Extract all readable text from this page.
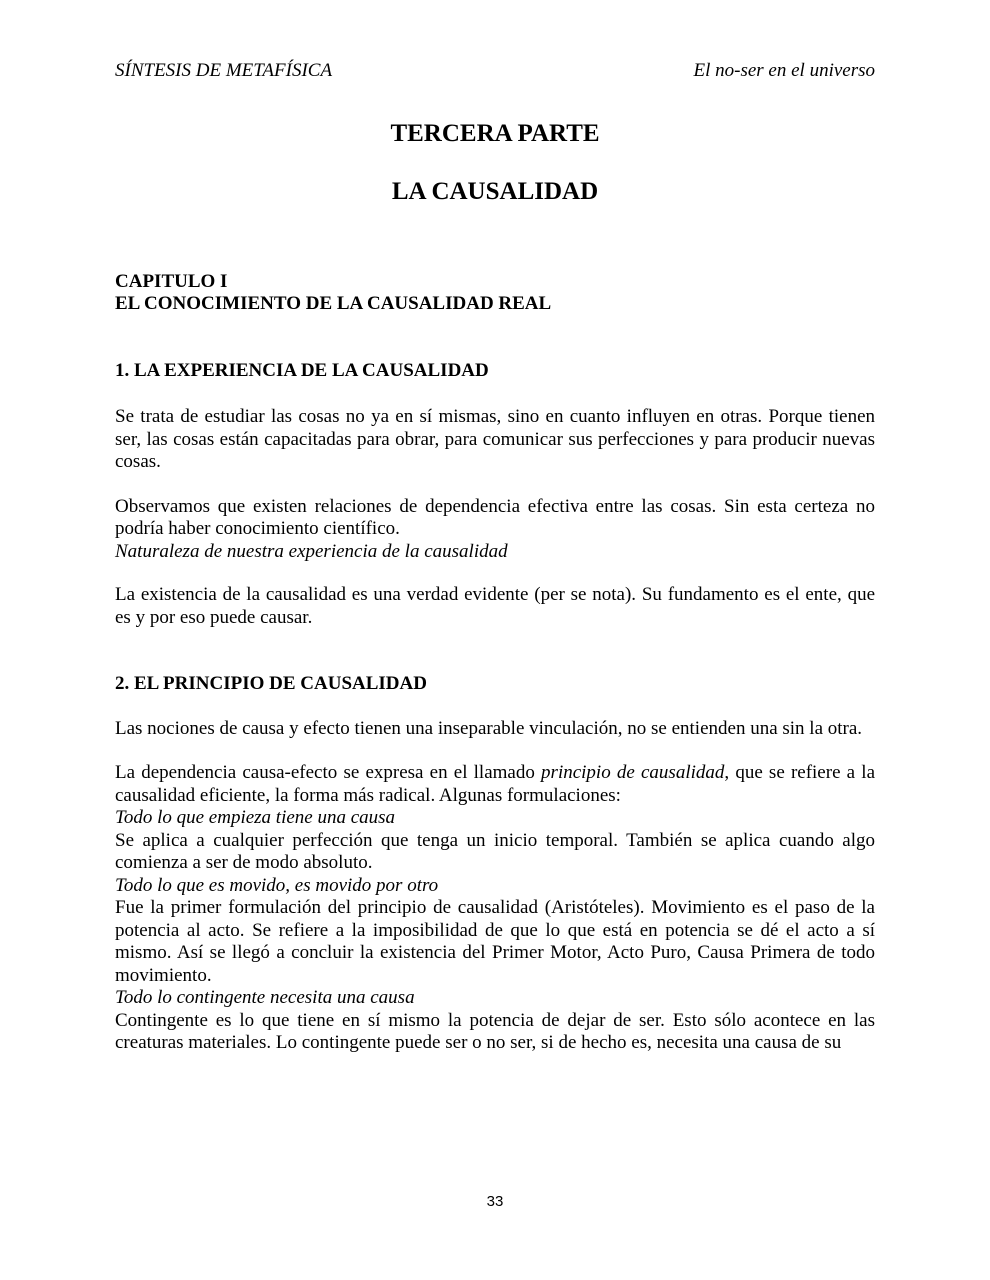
SÍNTESIS DE METAFÍSICA	El no-ser en el universo
TERCERA PARTE
LA CAUSALIDAD
CAPITULO I
EL CONOCIMIENTO DE LA CAUSALIDAD REAL
1. LA EXPERIENCIA DE LA CAUSALIDAD

Se trata de estudiar las cosas no ya en sí mismas, sino en cuanto influyen en otras. Porque tienen ser, las cosas están capacitadas para obrar, para comunicar sus perfecciones y para producir nuevas cosas.

Observamos que existen relaciones de dependencia efectiva entre las cosas. Sin esta certeza no podría haber conocimiento científico.

Naturaleza de nuestra experiencia de la causalidad

La existencia de la causalidad es una verdad evidente (per se nota). Su fundamento es el ente, que es y por eso puede causar.

2. EL PRINCIPIO DE CAUSALIDAD

Las nociones de causa y efecto tienen una inseparable vinculación, no se entienden una sin la otra.

La dependencia causa-efecto se expresa en el llamado principio de causalidad, que se refiere a la causalidad eficiente, la forma más radical. Algunas formulaciones:

Todo lo que empieza tiene una causa

Se aplica a cualquier perfección que tenga un inicio temporal. También se aplica cuando algo comienza a ser de modo absoluto.

Todo lo que es movido, es movido por otro

Fue la primer formulación del principio de causalidad (Aristóteles). Movimiento es el paso de la potencia al acto. Se refiere a la imposibilidad de que lo que está en potencia se dé el acto a sí mismo. Así se llegó a concluir la existencia del Primer Motor, Acto Puro, Causa Primera de todo movimiento.

Todo lo contingente necesita una causa

Contingente es lo que tiene en sí mismo la potencia de dejar de ser. Esto sólo acontece en las creaturas materiales. Lo contingente puede ser o no ser, si de hecho es, necesita una causa de su

33
